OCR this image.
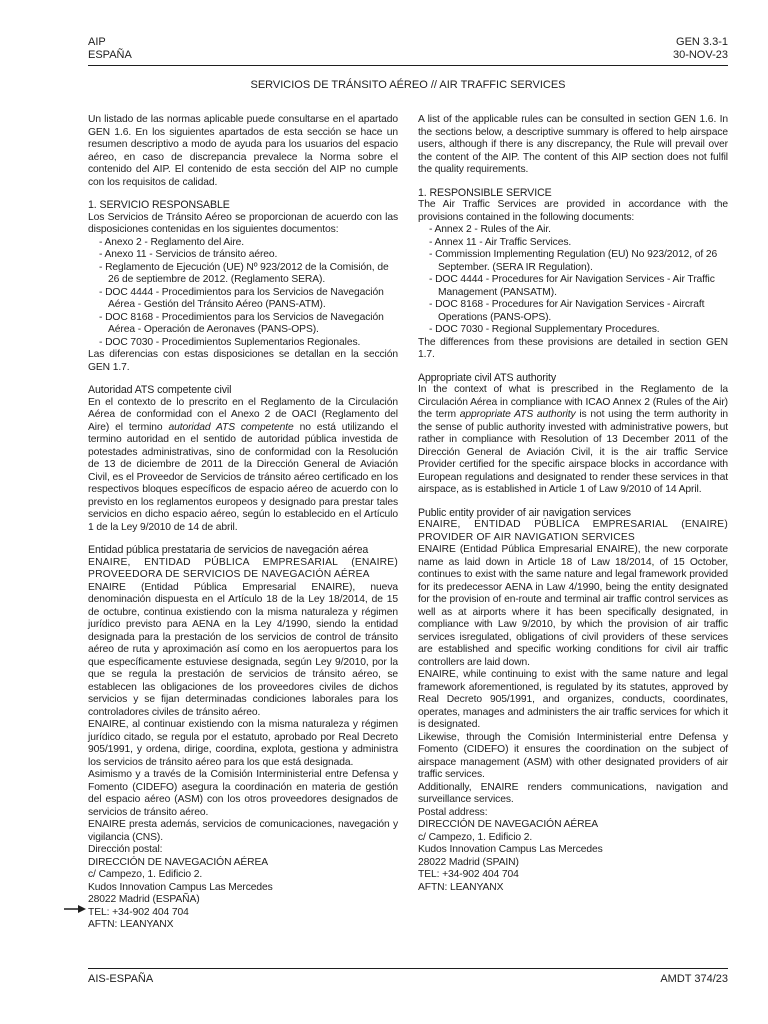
AIP
ESPAÑA
GEN 3.3-1
30-NOV-23
SERVICIOS DE TRÁNSITO AÉREO // AIR TRAFFIC SERVICES

Un listado de las normas aplicable puede consultarse en el apartado GEN 1.6. En los siguientes apartados de esta sección se hace un resumen descriptivo a modo de ayuda para los usuarios del espacio aéreo, en caso de discrepancia prevalece la Norma sobre el contenido del AIP. El contenido de esta sección del AIP no cumple con los requisitos de calidad.

1. SERVICIO RESPONSABLE

Los Servicios de Tránsito Aéreo se proporcionan de acuerdo con las disposiciones contenidas en los siguientes documentos:

- Anexo 2 - Reglamento del Aire.
- Anexo 11 - Servicios de tránsito aéreo.
- Reglamento de Ejecución (UE) Nº 923/2012 de la Comisión, de 26 de septiembre de 2012. (Reglamento SERA).
- DOC 4444 - Procedimientos para los Servicios de Navegación Aérea - Gestión del Tránsito Aéreo (PANS-ATM).
- DOC 8168 - Procedimientos para los Servicios de Navegación Aérea - Operación de Aeronaves (PANS-OPS).
- DOC 7030 - Procedimientos Suplementarios Regionales.

Las diferencias con estas disposiciones se detallan en la sección GEN 1.7.

Autoridad ATS competente civil

En el contexto de lo prescrito en el Reglamento de la Circulación Aérea de conformidad con el Anexo 2 de OACI (Reglamento del Aire) el termino autoridad ATS competente no está utilizando el termino autoridad en el sentido de autoridad pública investida de potestades administrativas, sino de conformidad con la Resolución de 13 de diciembre de 2011 de la Dirección General de Aviación Civil, es el Proveedor de Servicios de tránsito aéreo certificado en los respectivos bloques específicos de espacio aéreo de acuerdo con lo previsto en los reglamentos europeos y designado para prestar tales servicios en dicho espacio aéreo, según lo establecido en el Artículo 1 de la Ley 9/2010 de 14 de abril.

Entidad pública prestataria de servicios de navegación aérea

ENAIRE, ENTIDAD PÚBLICA EMPRESARIAL (ENAIRE) PROVEEDORA DE SERVICIOS DE NAVEGACIÓN AÉREA

ENAIRE (Entidad Pública Empresarial ENAIRE), nueva denominación dispuesta en el Artículo 18 de la Ley 18/2014, de 15 de octubre, continua existiendo con la misma naturaleza y régimen jurídico previsto para AENA en la Ley 4/1990, siendo la entidad designada para la prestación de los servicios de control de tránsito aéreo de ruta y aproximación así como en los aeropuertos para los que específicamente estuviese designada, según Ley 9/2010, por la que se regula la prestación de servicios de tránsito aéreo, se establecen las obligaciones de los proveedores civiles de dichos servicios y se fijan determinadas condiciones laborales para los controladores civiles de tránsito aéreo.

ENAIRE, al continuar existiendo con la misma naturaleza y régimen jurídico citado, se regula por el estatuto, aprobado por Real Decreto 905/1991, y ordena, dirige, coordina, explota, gestiona y administra los servicios de tránsito aéreo para los que está designada.

Asimismo y a través de la Comisión Interministerial entre Defensa y Fomento (CIDEFO) asegura la coordinación en materia de gestión del espacio aéreo (ASM) con los otros proveedores designados de servicios de tránsito aéreo.

ENAIRE presta además, servicios de comunicaciones, navegación y vigilancia (CNS).

Dirección postal:
DIRECCIÓN DE NAVEGACIÓN AÉREA
c/ Campezo, 1. Edificio 2.
Kudos Innovation Campus Las Mercedes
28022 Madrid (ESPAÑA)
TEL: +34-902 404 704
AFTN: LEANYANX

A list of the applicable rules can be consulted in section GEN 1.6. In the sections below, a descriptive summary is offered to help airspace users, although if there is any discrepancy, the Rule will prevail over the content of the AIP. The content of this AIP section does not fulfil the quality requirements.

1. RESPONSIBLE SERVICE

The Air Traffic Services are provided in accordance with the provisions contained in the following documents:

- Annex 2 - Rules of the Air.
- Annex 11 - Air Traffic Services.
- Commission Implementing Regulation (EU) No 923/2012, of 26 September. (SERA IR Regulation).
- DOC 4444 - Procedures for Air Navigation Services - Air Traffic Management (PANSATM).
- DOC 8168 - Procedures for Air Navigation Services - Aircraft Operations (PANS-OPS).
- DOC 7030 - Regional Supplementary Procedures.

The differences from these provisions are detailed in section GEN 1.7.

Appropriate civil ATS authority

In the context of what is prescribed in the Reglamento de la Circulación Aérea in compliance with ICAO Annex 2 (Rules of the Air) the term appropriate ATS authority is not using the term authority in the sense of public authority invested with administrative powers, but rather in compliance with Resolution of 13 December 2011 of the Dirección General de Aviación Civil, it is the air traffic Service Provider certified for the specific airspace blocks in accordance with European regulations and designated to render these services in that airspace, as is established in Article 1 of Law 9/2010 of 14 April.

Public entity provider of air navigation services

ENAIRE, ENTIDAD PÚBLICA EMPRESARIAL (ENAIRE) PROVIDER OF AIR NAVIGATION SERVICES

ENAIRE (Entidad Pública Empresarial ENAIRE), the new corporate name as laid down in Article 18 of Law 18/2014, of 15 October, continues to exist with the same nature and legal framework provided for its predecessor AENA in Law 4/1990, being the entity designated for the provision of en-route and terminal air traffic control services as well as at airports where it has been specifically designated, in compliance with Law 9/2010, by which the provision of air traffic services isregulated, obligations of civil providers of these services are established and specific working conditions for civil air traffic controllers are laid down.

ENAIRE, while continuing to exist with the same nature and legal framework aforementioned, is regulated by its statutes, approved by Real Decreto 905/1991, and organizes, conducts, coordinates, operates, manages and administers the air traffic services for which it is designated.

Likewise, through the Comisión Interministerial entre Defensa y Fomento (CIDEFO) it ensures the coordination on the subject of airspace management (ASM) with other designated providers of air traffic services.

Additionally, ENAIRE renders communications, navigation and surveillance services.

Postal address:
DIRECCIÓN DE NAVEGACIÓN AÉREA
c/ Campezo, 1. Edificio 2.
Kudos Innovation Campus Las Mercedes
28022 Madrid (SPAIN)
TEL: +34-902 404 704
AFTN: LEANYANX
AIS-ESPAÑA	AMDT 374/23
